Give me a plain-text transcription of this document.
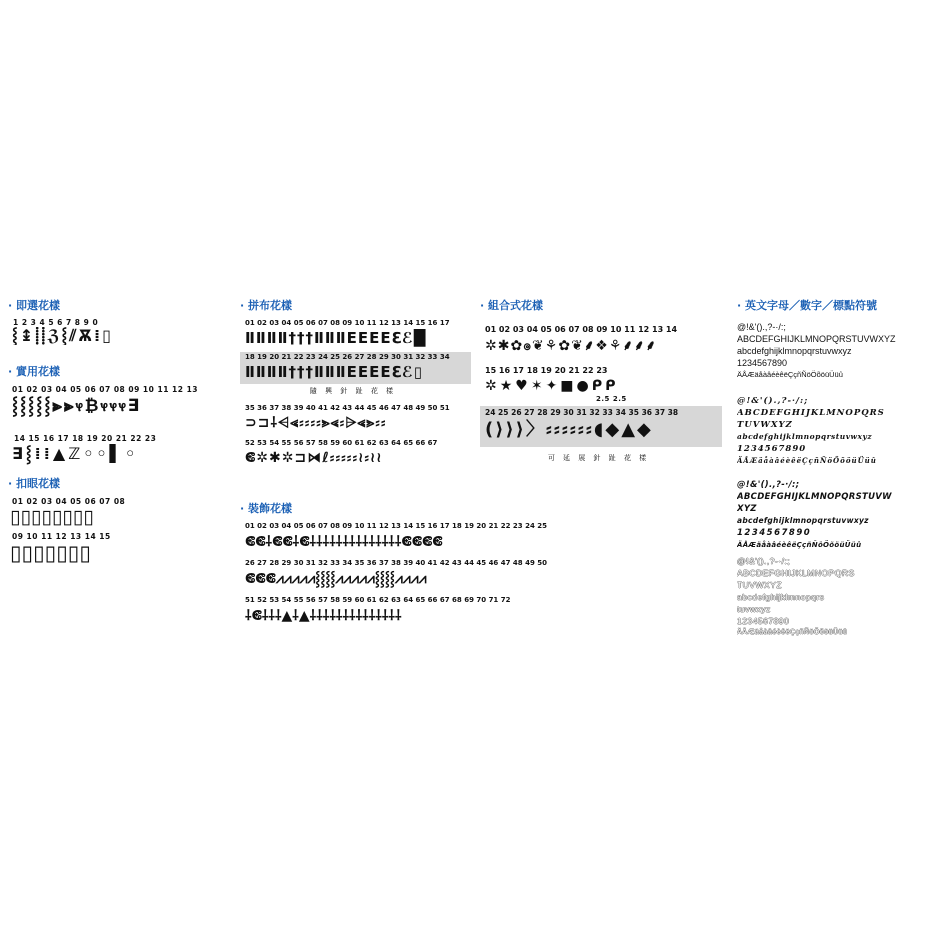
· 即選花樣
1 2 3 4 5 6 7 8 9 0
⸾↨⸽⸽ℨ⸾⫽Ѫ⁞▯
· 實用花樣
01 02 03 04 05 06 07 08 09 10 11 12 13
⸾⸾⸾⸾⸾⫸⫸ⳡ₿ⳡⳡⳡ∃
14 15 16 17 18 19 20 21 22 23
∃⸾⁞⁞▲ℤ◦◦▌◦
· 扣眼花樣
01 02 03 04 05 06 07 08
▯▯▯▯▯▯▯▯
09 10 11 12 13 14 15
▯▯▯▯▯▯▯
· 拼布花樣
01 02 03 04 05 06 07 08 09 10 11 12 13 14 15 16 17
ⅡⅡⅡⅡ†††ⅡⅡⅡEEEEℇℰ█
18 19 20 21 22 23 24 25 26 27 28 29 30 31 32 33 34
ⅡⅡⅡⅡ†††ⅡⅡⅡEEEEℇℰ▯
隨 興 針 趾 花 樣
35 36 37 38 39 40 41 42 43 44 45 46 47 48 49 50 51
⊃⊐⸸⩤⪡⸗⸗⸗⸗⪢⪡⸗⩥⪡⪢⸗⸗
52 53 54 55 56 57 58 59 60 61 62 63 64 65 66 67
ⵞ✲✱✲⊐⧒ℓ⸗⸗⸗⸗⸗≀⸗≀≀
· 裝飾花樣
01 02 03 04 05 06 07 08 09 10 11 12 13 14 15 16 17 18 19 20 21 22 23 24 25
ⵞⵞ⸸ⵞⵞ⸸ⵞ⸸⸸⸸⸸⸸⸸⸸⸸⸸⸸⸸⸸⸸⸸ⵞⵞⵞⵞ
26 27 28 29 30 31 32 33 34 35 36 37 38 39 40 41 42 43 44 45 46 47 48 49 50
ⵞⵞⵞ⩘⩘⩘⩘⩘⸾⸾⸾⸾⩘⩘⩘⩘⩘⸾⸾⸾⸾⩘⩘⩘⩘
51 52 53 54 55 56 57 58 59 60 61 62 63 64 65 66 67 68 69 70 71 72
⸸ⵞ⸸⸸⸸▲⸸▲⸸⸸⸸⸸⸸⸸⸸⸸⸸⸸⸸⸸⸸⸸
· 組合式花樣
01 02 03 04 05 06 07 08 09 10 11 12 13 14
✲✱✿ၜ❦⚘✿❦⸙❖⚘⸙⸙⸙
15 16 17 18 19 20 21 22 23
✲★♥✶✦■●ᑭᑭ
2.5 2.5
24 25 26 27 28 29 30 31 32 33 34 35 36 37 38
(⟩⟩⟩〉⸗⸗⸗⸗⸗⸗◖◆▲◆
可 延 展 針 趾 花 樣
· 英文字母／數字／標點符號
@!&'().,?-·/:;
ABCDEFGHIJKLMNOPQRSTUVWXYZ
abcdefghijklmnopqrstuvwxyz
1234567890
ÄÅÆäåàâéèêëÇçñÑöÖõöüÜüû
@!&'().,?-·/:;
ABCDEFGHIJKLMNOPQRS
TUVWXYZ
abcdefghijklmnopqrstuvwxyz
1234567890
ÄÅÆäåàâéèêëÇçñÑöÖõöüÜüû
@!&'().,?-·/:;
ABCDEFGHIJKLMNOPQRSTUVW
XYZ
abcdefghijklmnopqrstuvwxyz
1234567890
ÄÅÆäåàâéèêëÇçñÑöÖõöüÜüû
@!&'().,?-·/:;
ABCDEFGHIJKLMNOPQRS
TUVWXYZ
abcdefghijklmnopqrs
tuvwxyz
1234567890
ÄÅÆäåàâéèêëÇçñÑöÖõöüÜüû
